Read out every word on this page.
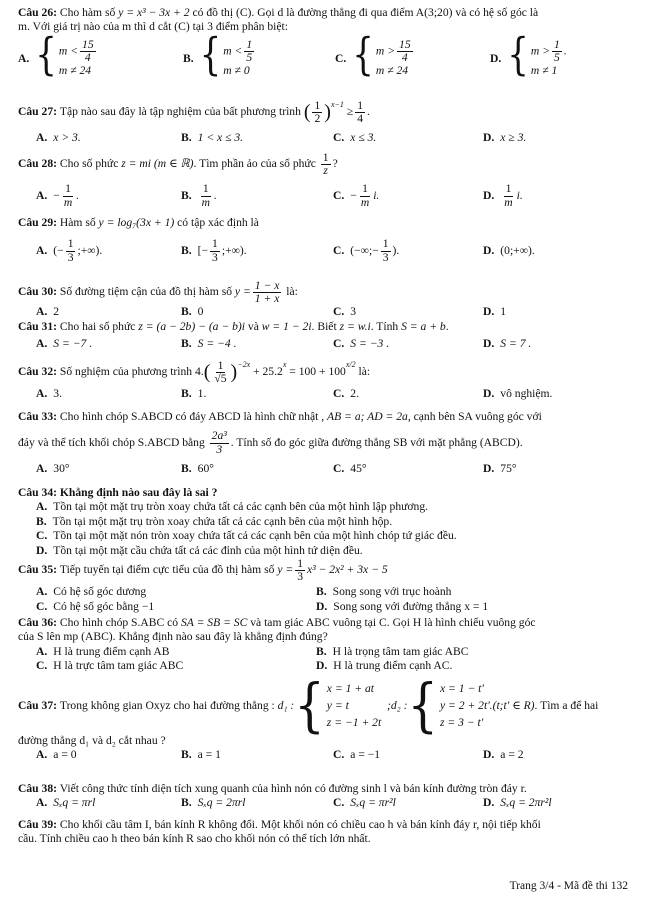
Câu 26: Cho hàm số y = x³ − 3x + 2 có đồ thị (C). Gọi d là đường thẳng đi qua điểm A(3;20) và có hệ số góc là
m. Với giá trị nào của m thì d cắt (C) tại 3 điểm phân biệt:
A. { $m < \frac{15}{4}$
m ≠ 24
B. { $m < \frac{1}{5}$
m ≠ 0
C. { $m > \frac{15}{4}$
m ≠ 24
D. { $m > \frac{1}{5}$ .
m ≠ 1
Câu 27:
Tập nào sau đây là tập nghiệm của bất phương trình
( $\frac{1}{2} )^{x-1}$

≥ $\frac{1}{4}$ .
A. x > 3.	B. 1 < x ≤ 3.	C. x ≤ 3.	D. x ≥ 3.
Câu 28:
Cho số phức
z = mi (m ∈ ℝ) . Tìm phần ảo của số phức
$\frac{1}{z}$ ?
A. − $\frac{1}{m}$ .	B. $\frac{1}{m}$ .	C. − $\frac{1}{m} i$.	D. $\frac{1}{m} i$.
Câu 29: Hàm số y = log₇(3x + 1) có tập xác định là
A. (− $\frac{1}{3}$ ;+∞).	B. [− $\frac{1}{3}$ ;+∞).	C. (−∞;− $\frac{1}{3}$ ).	D. (0;+∞).
Câu 30:
Số đường tiệm cận của đồ thị hàm số
$y = \frac{1 - x}{1 + x}$
là:
A. 2	B. 0	C. 3	D. 1
Câu 31: Cho hai số phức z = (a − 2b) − (a − b)i và w = 1 − 2i. Biết z = w.i. Tính S = a + b.
A. S = −7 .	B. S = −4 .	C. S = −3 .	D. S = 7 .
Câu 32:
Số nghiệm của phương trình
4. ( $\frac{1}{√5} )^{-2x}$

+ 25.2
$^x$

= 100 + 100
$^{x/2}$

là:
A. 3.	B. 1.	C. 2.	D. vô nghiệm.
Câu 33: Cho hình chóp S.ABCD có đáy ABCD là hình chữ nhật , AB = a; AD = 2a, cạnh bên SA vuông góc với
đáy và thể tích khối chóp S.ABCD bằng
$\frac{\text{2a³}}{3}$ . Tính số đo góc giữa đường thẳng SB với mặt phẳng (ABCD).
A. 30°	B. 60°	C. 45°	D. 75°
Câu 34: Khẳng định nào sau đây là sai ?
A. Tồn tại một mặt trụ tròn xoay chứa tất cả các cạnh bên của một hình lập phương.
B. Tồn tại một mặt trụ tròn xoay chứa tất cả các cạnh bên của một hình hộp.
C. Tồn tại một mặt nón tròn xoay chứa tất cả các cạnh bên của một hình chóp tứ giác đều.
D. Tồn tại một mặt cầu chứa tất cả các đỉnh của một hình tứ diện đều.
Câu 35:
Tiếp tuyến tại điểm cực tiểu của đồ thị hàm số
$y = \frac{1}{3} x^3 - 2x^2 + 3x - 5$
A. Có hệ số góc dương	B. Song song với trục hoành
C. Có hệ số góc bằng −1	D. Song song với đường thẳng x = 1
Câu 36: Cho hình chóp S.ABC có SA = SB = SC và tam giác ABC vuông tại C. Gọi H là hình chiếu vuông góc
của S lên mp (ABC). Khẳng định nào sau đây là khẳng định đúng?
A. H là trung điểm cạnh AB	B. H là trọng tâm tam giác ABC
C. H là trực tâm tam giác ABC	D. H là trung điểm cạnh AC.
Câu 37:
Trong không gian Oxyz cho hai đường thẳng :
d₁ : { x = 1 + at
y = t
z = −1 + 2t

;d₂ : { x = 1 − t'
y = 2 + 2t'.(t;t' ∈ R)
z = 3 − t'
. Tìm a để hai
đường thẳng d₁ và d₂ cắt nhau ?
A. a = 0	B. a = 1	C. a = −1	D. a = 2
Câu 38: Viết công thức tính diện tích xung quanh của hình nón có đường sinh l và bán kính đường tròn đáy r.
A. Sₓq = πrl	B. Sₓq = 2πrl	C. Sₓq = πr²l	D. Sₓq = 2πr²l
Câu 39: Cho khối cầu tâm I, bán kính R không đổi. Một khối nón có chiều cao h và bán kính đáy r, nội tiếp khối
cầu. Tính chiều cao h theo bán kính R sao cho khối nón có thể tích lớn nhất.
Trang 3/4 - Mã đề thi 132
